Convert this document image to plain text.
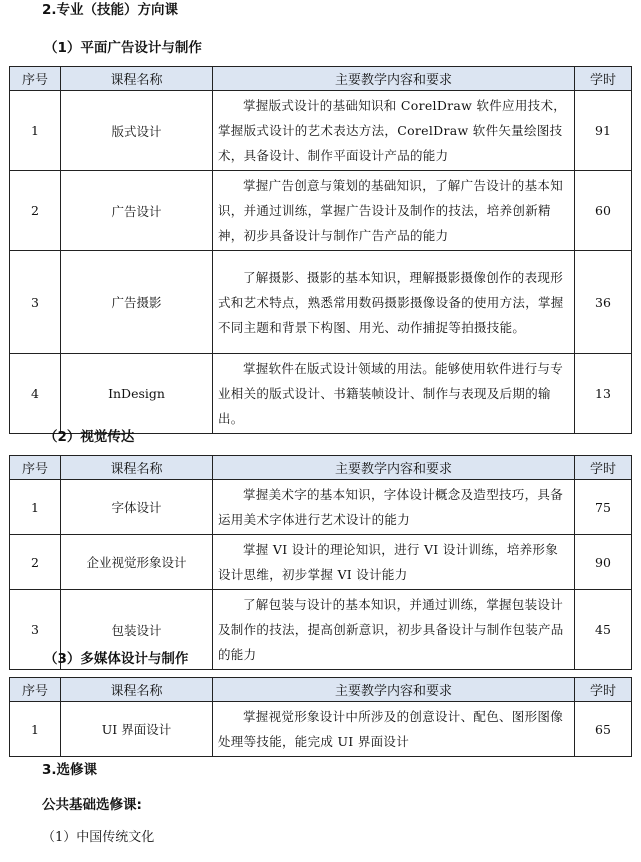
2.专业（技能）方向课
（1）平面广告设计与制作
序号	课程名称	主要教学内容和要求	学时
1	版式设计	掌握版式设计的基础知识和 CorelDraw 软件应用技术，掌握版式设计的艺术表达方法，CorelDraw 软件矢量绘图技术，具备设计、制作平面设计产品的能力	91
2	广告设计	掌握广告创意与策划的基础知识，了解广告设计的基本知识，并通过训练，掌握广告设计及制作的技法，培养创新精神，初步具备设计与制作广告产品的能力	60
3	广告摄影	了解摄影、摄影的基本知识，理解摄影摄像创作的表现形式和艺术特点，熟悉常用数码摄影摄像设备的使用方法，掌握不同主题和背景下构图、用光、动作捕捉等拍摄技能。	36
4	InDesign	掌握软件在版式设计领域的用法。能够使用软件进行与专业相关的版式设计、书籍装帧设计、制作与表现及后期的输出。	13
（2）视觉传达
序号	课程名称	主要教学内容和要求	学时
1	字体设计	掌握美术字的基本知识，字体设计概念及造型技巧，具备运用美术字体进行艺术设计的能力	75
2	企业视觉形象设计	掌握 VI 设计的理论知识，进行 VI 设计训练，培养形象设计思维，初步掌握 VI 设计能力	90
3	包装设计	了解包装与设计的基本知识，并通过训练，掌握包装设计及制作的技法，提高创新意识，初步具备设计与制作包装产品的能力	45
（3）多媒体设计与制作
序号	课程名称	主要教学内容和要求	学时
1	UI 界面设计	掌握视觉形象设计中所涉及的创意设计、配色、图形图像处理等技能，能完成 UI 界面设计	65
3.选修课
公共基础选修课:
（1）中国传统文化
